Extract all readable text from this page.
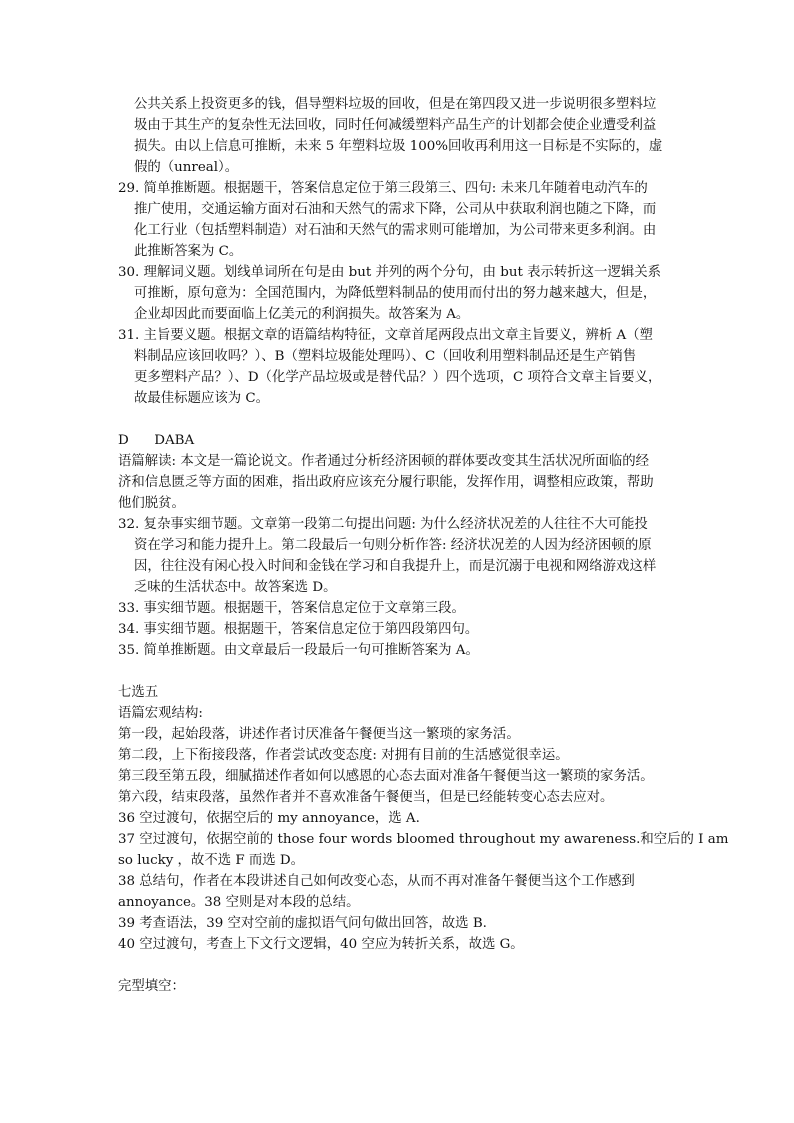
公共关系上投资更多的钱，倡导塑料垃圾的回收，但是在第四段又进一步说明很多塑料垃

圾由于其生产的复杂性无法回收，同时任何减缓塑料产品生产的计划都会使企业遭受利益

损失。由以上信息可推断，未来 5 年塑料垃圾 100%回收再利用这一目标是不实际的，虚

假的（unreal）。

29. 简单推断题。根据题干，答案信息定位于第三段第三、四句: 未来几年随着电动汽车的

推广使用，交通运输方面对石油和天然气的需求下降，公司从中获取利润也随之下降，而

化工行业（包括塑料制造）对石油和天然气的需求则可能增加，为公司带来更多利润。由

此推断答案为 C。

30. 理解词义题。划线单词所在句是由 but 并列的两个分句，由 but 表示转折这一逻辑关系

可推断，原句意为：全国范围内，为降低塑料制品的使用而付出的努力越来越大，但是，

企业却因此而要面临上亿美元的利润损失。故答案为 A。

31. 主旨要义题。根据文章的语篇结构特征，文章首尾两段点出文章主旨要义，辨析 A（塑

料制品应该回收吗？）、B（塑料垃圾能处理吗）、C（回收利用塑料制品还是生产销售

更多塑料产品？）、D（化学产品垃圾或是替代品？）四个选项，C 项符合文章主旨要义，

故最佳标题应该为 C。

D      DABA

语篇解读: 本文是一篇论说文。作者通过分析经济困顿的群体要改变其生活状况所面临的经

济和信息匮乏等方面的困难，指出政府应该充分履行职能，发挥作用，调整相应政策，帮助

他们脱贫。

32. 复杂事实细节题。文章第一段第二句提出问题: 为什么经济状况差的人往往不大可能投

资在学习和能力提升上。第二段最后一句则分析作答: 经济状况差的人因为经济困顿的原

因，往往没有闲心投入时间和金钱在学习和自我提升上，而是沉溺于电视和网络游戏这样

乏味的生活状态中。故答案选 D。

33. 事实细节题。根据题干，答案信息定位于文章第三段。

34. 事实细节题。根据题干，答案信息定位于第四段第四句。

35. 简单推断题。由文章最后一段最后一句可推断答案为 A。

七选五

语篇宏观结构:

第一段，起始段落，讲述作者讨厌准备午餐便当这一繁琐的家务活。

第二段，上下衔接段落，作者尝试改变态度: 对拥有目前的生活感觉很幸运。

第三段至第五段，细腻描述作者如何以感恩的心态去面对准备午餐便当这一繁琐的家务活。

第六段，结束段落，虽然作者并不喜欢准备午餐便当，但是已经能转变心态去应对。

36 空过渡句，依据空后的 my annoyance，选 A.

37 空过渡句，依据空前的 those four words bloomed throughout my awareness.和空后的 I am

so lucky ，故不选 F 而选 D。

38 总结句，作者在本段讲述自己如何改变心态，从而不再对准备午餐便当这个工作感到

annoyance。38 空则是对本段的总结。

39 考查语法，39 空对空前的虚拟语气问句做出回答，故选 B.

40 空过渡句，考查上下文行文逻辑，40 空应为转折关系，故选 G。

完型填空：
